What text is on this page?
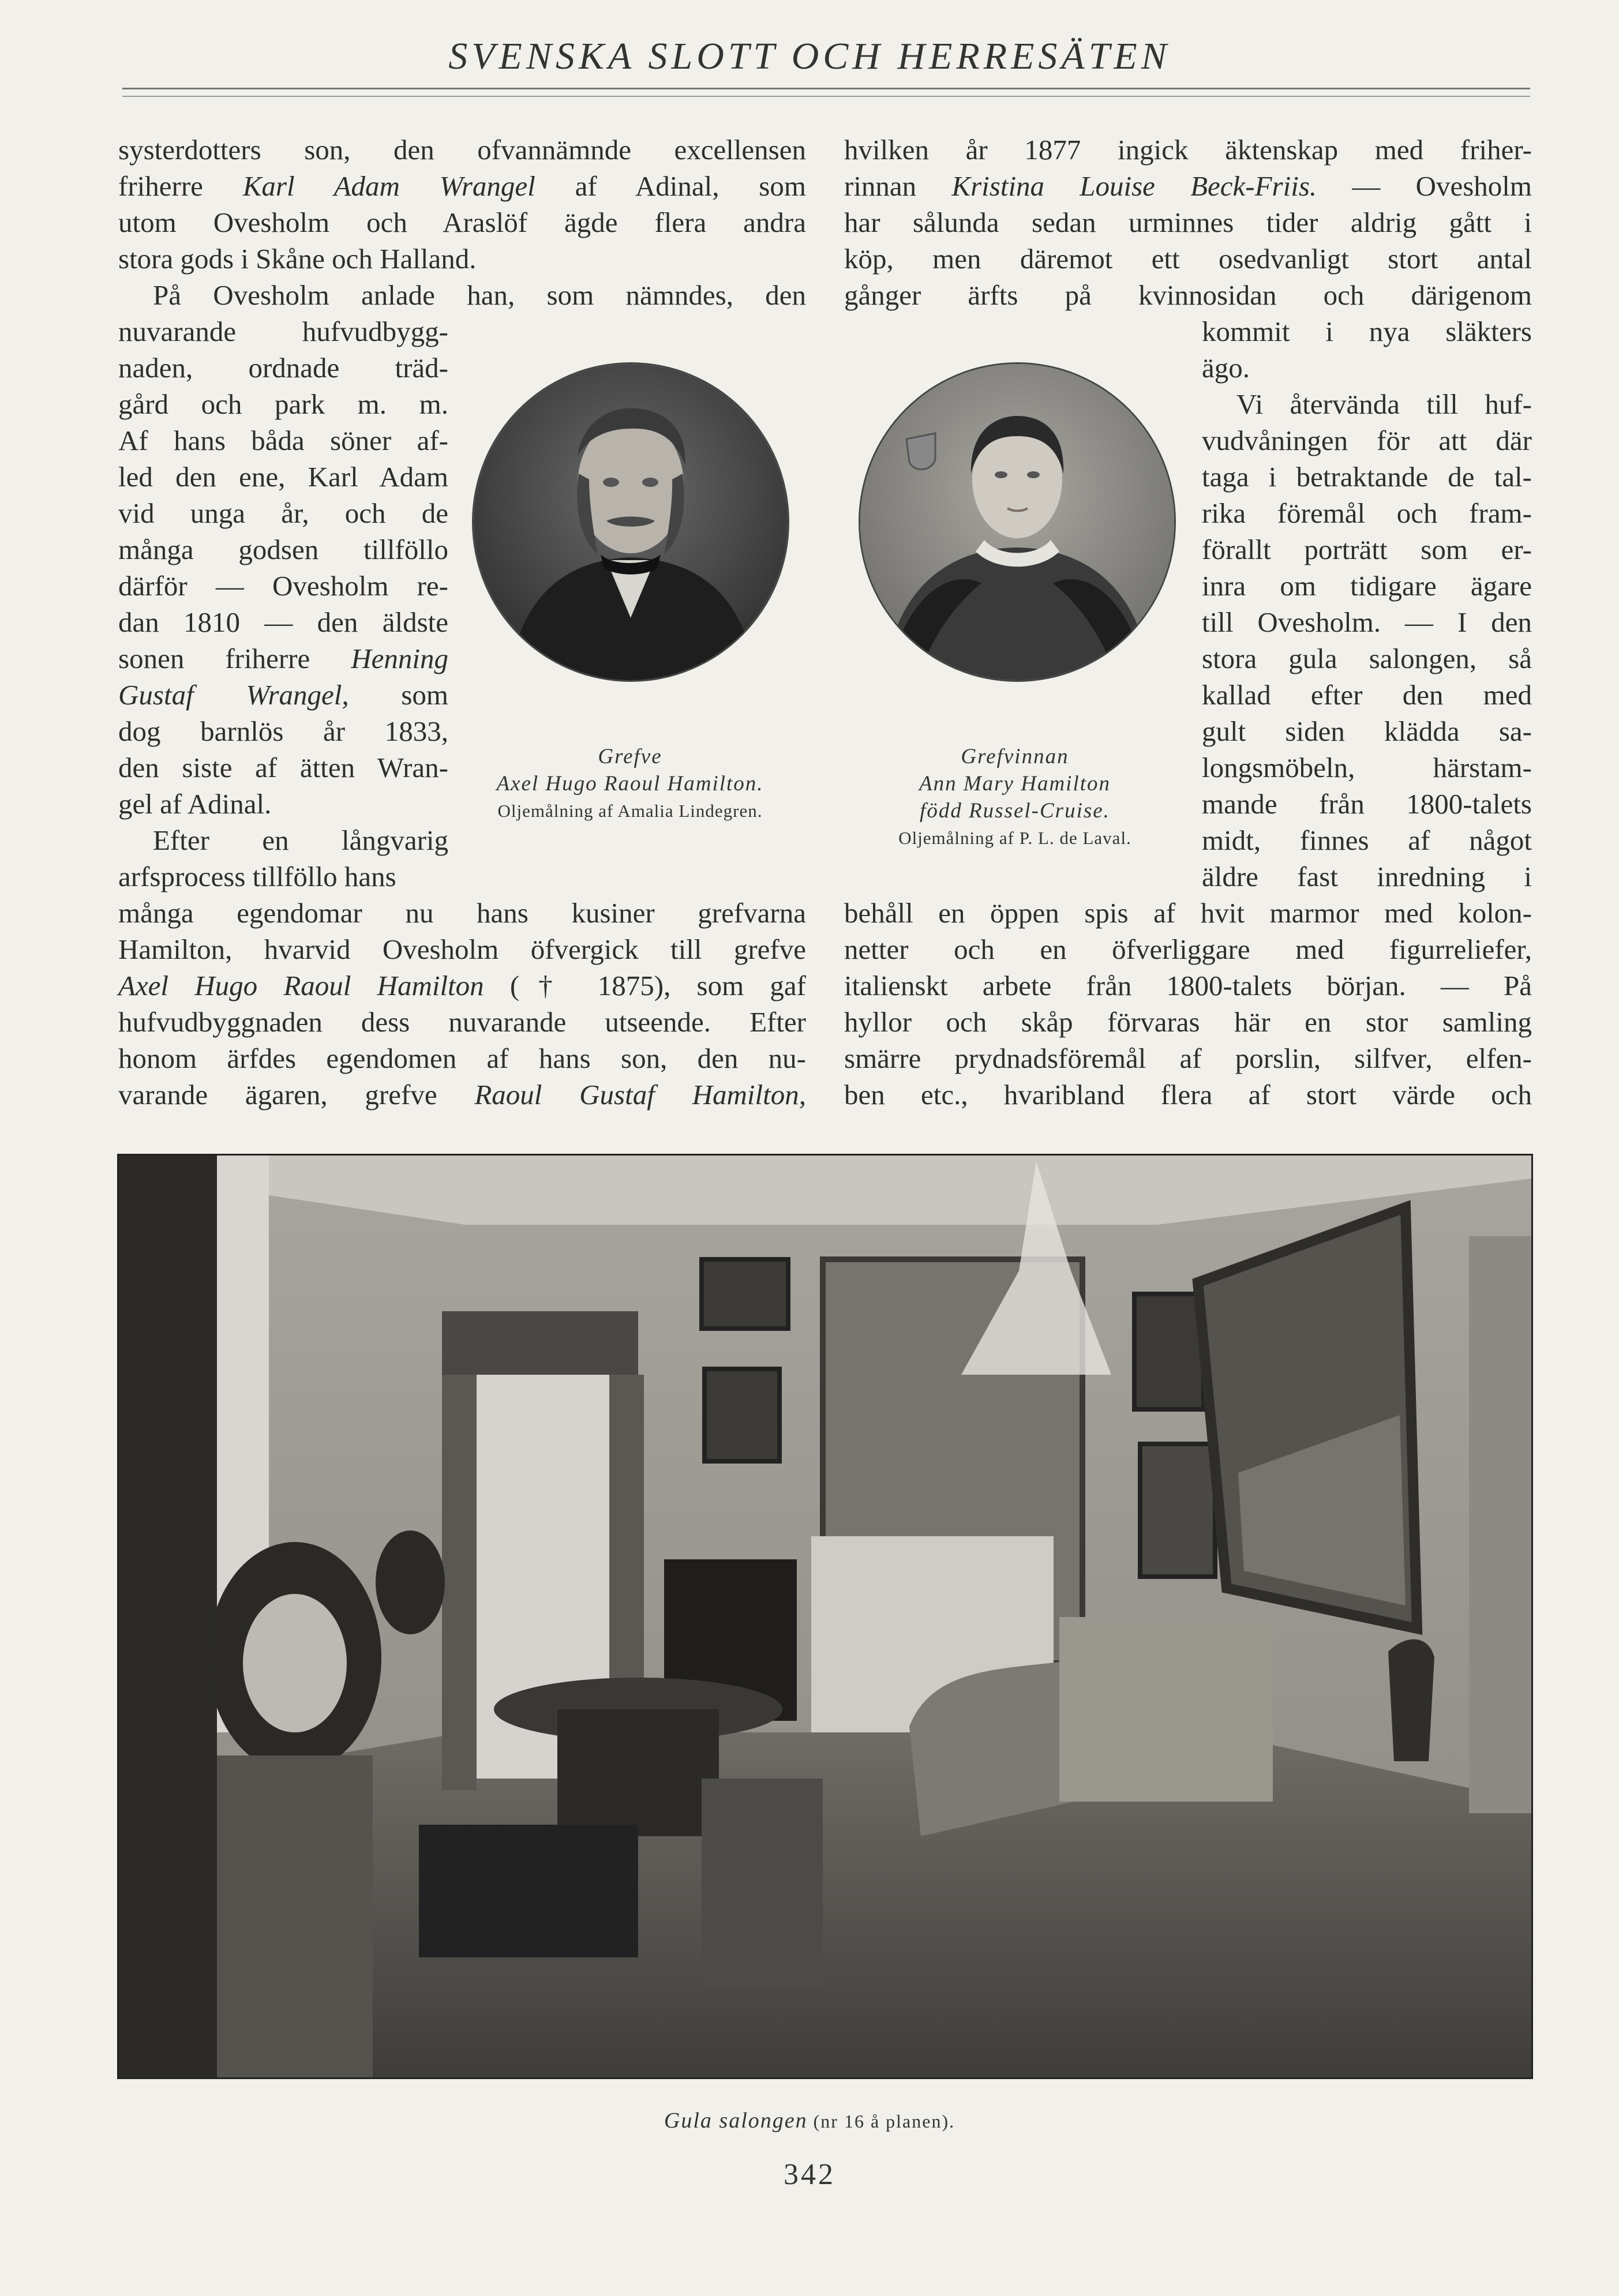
SVENSKA SLOTT OCH HERRESÄTEN
systerdotters son, den ofvannämnde excellensen
friherre Karl Adam Wrangel af Adinal, som
utom Ovesholm och Araslöf ägde flera andra
stora gods i Skåne och Halland.
På Ovesholm anlade han, som nämndes, den
nuvarande hufvudbygg-
naden, ordnade träd-
gård och park m. m.
Af hans båda söner af-
led den ene, Karl Adam
vid unga år, och de
många godsen tillföllo
därför — Ovesholm re-
dan 1810 — den äldste
sonen friherre Henning
Gustaf Wrangel, som
dog barnlös år 1833,
den siste af ätten Wran-
gel af Adinal.
Efter en långvarig
arfsprocess tillföllo hans
många egendomar nu hans kusiner grefvarna
Hamilton, hvarvid Ovesholm öfvergick till grefve
Axel Hugo Raoul Hamilton († 1875), som gaf
hufvudbyggnaden dess nuvarande utseende. Efter
honom ärfdes egendomen af hans son, den nu-
varande ägaren, grefve Raoul Gustaf Hamilton,
hvilken år 1877 ingick äktenskap med friher-
rinnan Kristina Louise Beck-Friis. — Ovesholm
har sålunda sedan urminnes tider aldrig gått i
köp, men däremot ett osedvanligt stort antal
gånger ärfts på kvinnosidan och därigenom
kommit i nya släkters
ägo.
Vi återvända till huf-
vudvåningen för att där
taga i betraktande de tal-
rika föremål och fram-
förallt porträtt som er-
inra om tidigare ägare
till Ovesholm. — I den
stora gula salongen, så
kallad efter den med
gult siden klädda sa-
longsmöbeln, härstam-
mande från 1800-talets
midt, finnes af något
äldre fast inredning i
behåll en öppen spis af hvit marmor med kolon-
netter och en öfverliggare med figurreliefer,
italienskt arbete från 1800-talets början. — På
hyllor och skåp förvaras här en stor samling
smärre prydnadsföremål af porslin, silfver, elfen-
ben etc., hvaribland flera af stort värde och
Grefve
Axel Hugo Raoul Hamilton.
Oljemålning af Amalia Lindegren.
Grefvinnan
Ann Mary Hamilton
född Russel-Cruise.
Oljemålning af P. L. de Laval.
Gula salongen (nr 16 å planen).
342
